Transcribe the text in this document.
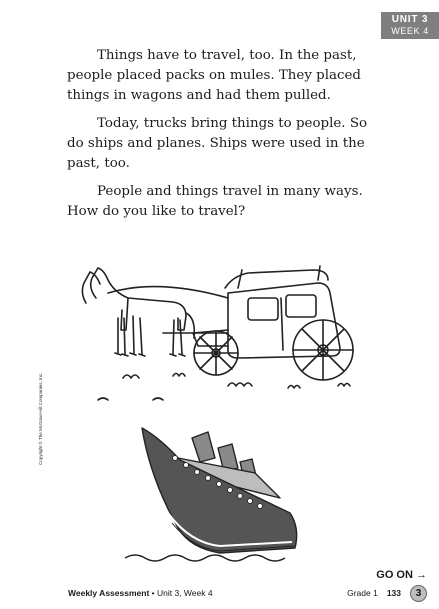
UNIT 3
WEEK 4

Things have to travel, too. In the past,
people placed packs on mules. They placed
things in wagons and had them pulled.

Today, trucks bring things to people. So
do ships and planes. Ships were used in the
past, too.

People and things travel in many ways.
How do you like to travel?

Copyright © The McGraw-Hill Companies, Inc.
GO ON →
Weekly Assessment • Unit 3, Week 4	Grade 1 133	3
